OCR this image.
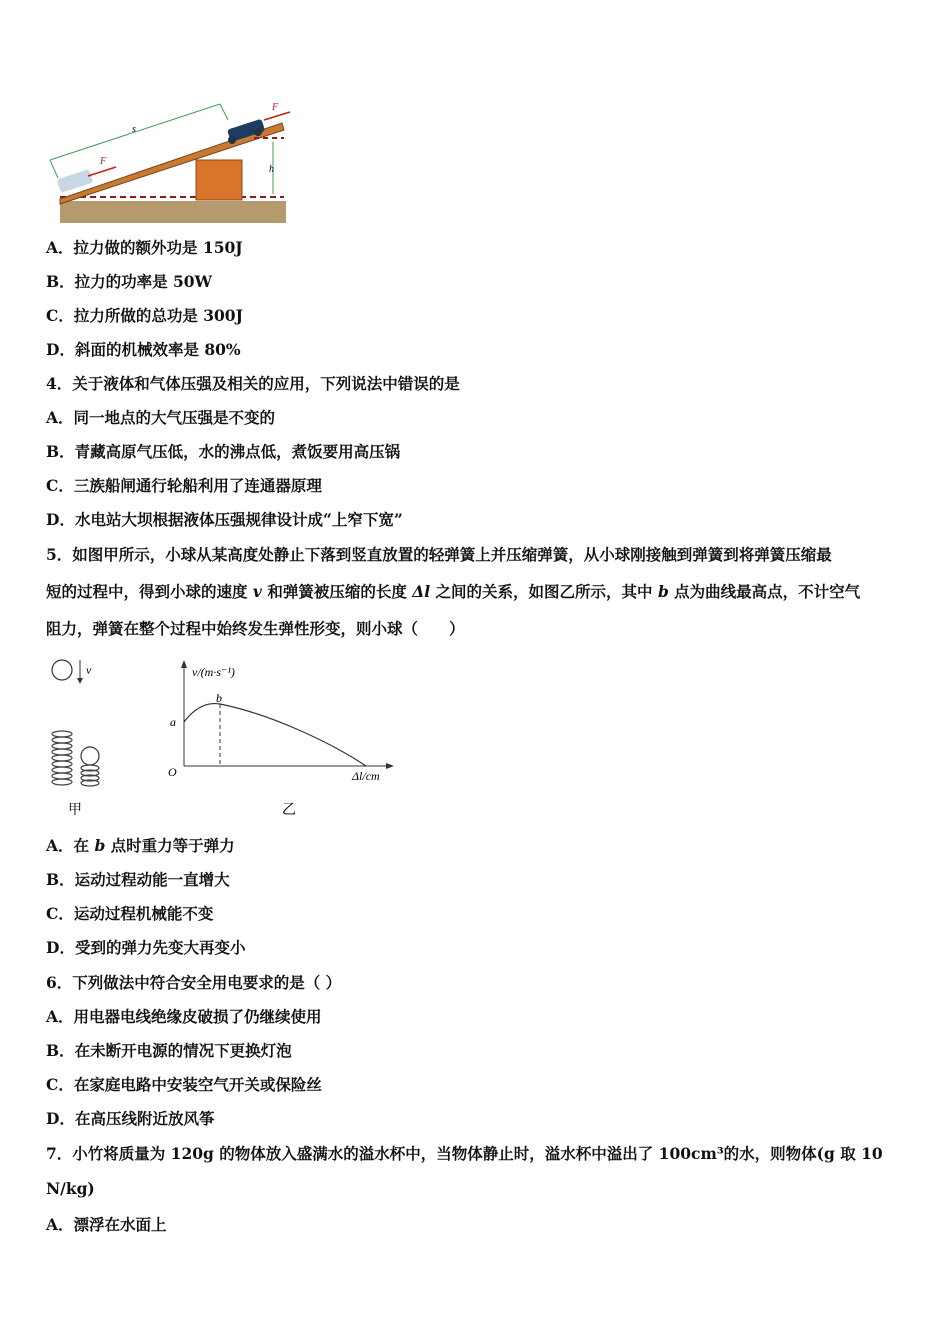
h
s
F
F
A．拉力做的额外功是 150J
B．拉力的功率是 50W
C．拉力所做的总功是 300J
D．斜面的机械效率是 80%
4．关于液体和气体压强及相关的应用，下列说法中错误的是
A．同一地点的大气压强是不变的
B．青藏高原气压低，水的沸点低，煮饭要用高压锅
C．三族船闸通行轮船利用了连通器原理
D．水电站大坝根据液体压强规律设计成“上窄下宽”
5．如图甲所示，小球从某高度处静止下落到竖直放置的轻弹簧上并压缩弹簧，从小球刚接触到弹簧到将弹簧压缩最
短的过程中，得到小球的速度 v 和弹簧被压缩的长度 Δl 之间的关系，如图乙所示，其中 b 点为曲线最高点，不计空气
阻力，弹簧在整个过程中始终发生弹性形变，则小球（　　）
v
甲
v/(m·s⁻¹)
Δl/cm
O
a
b
乙
A．在 b 点时重力等于弹力
B．运动过程动能一直增大
C．运动过程机械能不变
D．受到的弹力先变大再变小
6．下列做法中符合安全用电要求的是（ ）
A．用电器电线绝缘皮破损了仍继续使用
B．在未断开电源的情况下更换灯泡
C．在家庭电路中安装空气开关或保险丝
D．在高压线附近放风筝
7．小竹将质量为 120g 的物体放入盛满水的溢水杯中，当物体静止时，溢水杯中溢出了 100cm³的水，则物体(g 取 10
N/kg)
A．漂浮在水面上
